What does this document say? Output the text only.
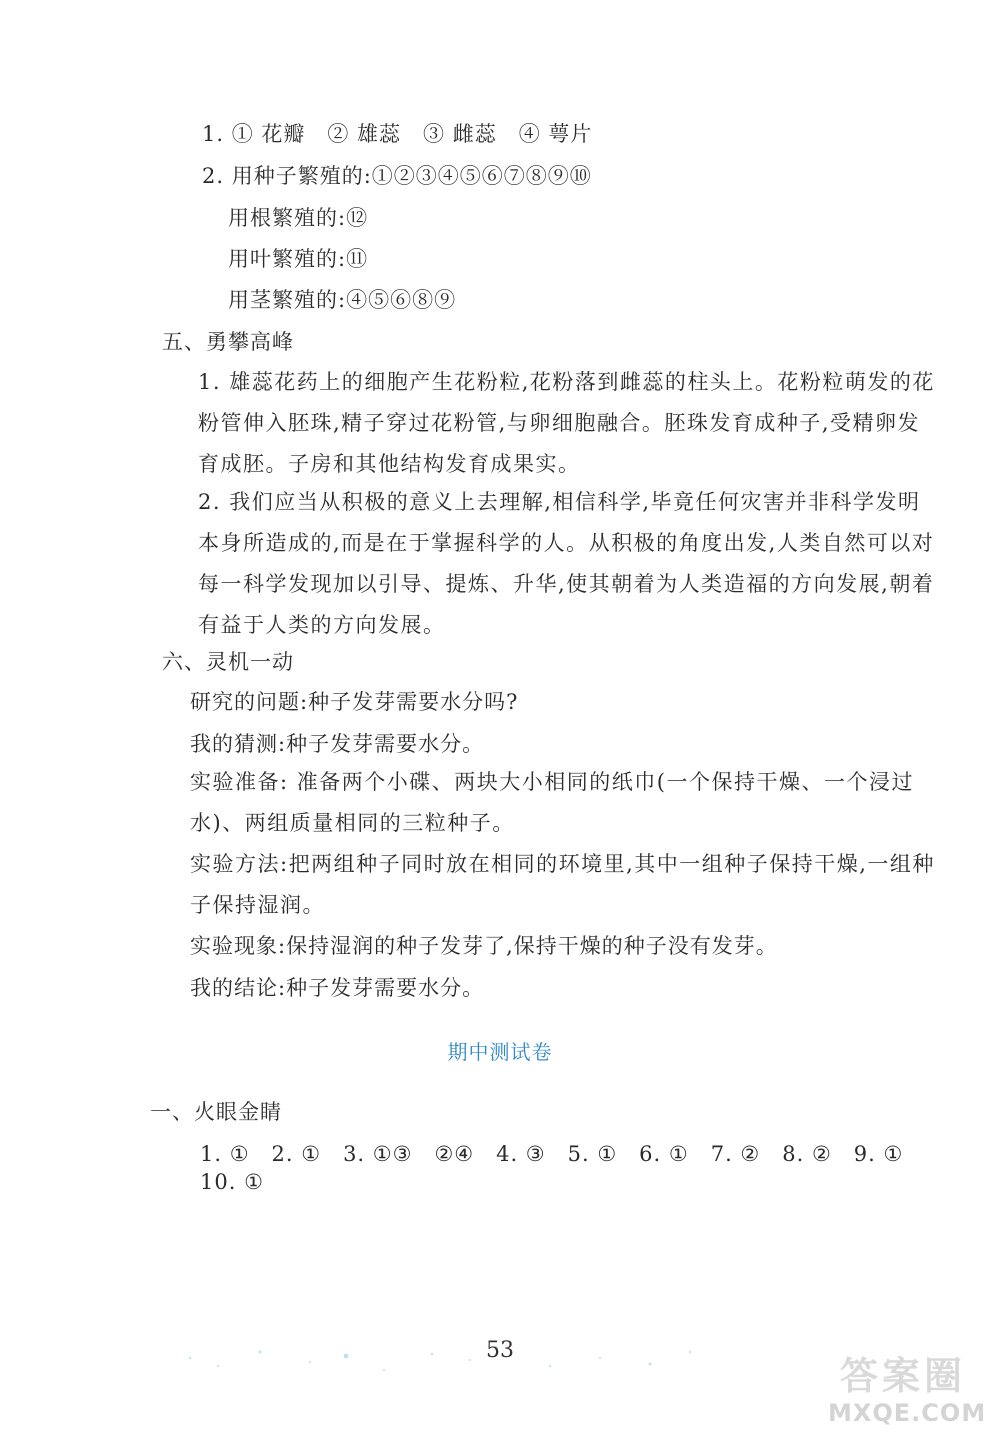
1. ① 花瓣　② 雄蕊　③ 雌蕊　④ 萼片
2. 用种子繁殖的:①②③④⑤⑥⑦⑧⑨⑩
用根繁殖的:⑫
用叶繁殖的:⑪
用茎繁殖的:④⑤⑥⑧⑨
五、勇攀高峰
1. 雄蕊花药上的细胞产生花粉粒,花粉落到雌蕊的柱头上。花粉粒萌发的花粉管伸入胚珠,精子穿过花粉管,与卵细胞融合。胚珠发育成种子,受精卵发育成胚。子房和其他结构发育成果实。
2. 我们应当从积极的意义上去理解,相信科学,毕竟任何灾害并非科学发明本身所造成的,而是在于掌握科学的人。从积极的角度出发,人类自然可以对每一科学发现加以引导、提炼、升华,使其朝着为人类造福的方向发展,朝着有益于人类的方向发展。
六、灵机一动
研究的问题:种子发芽需要水分吗?
我的猜测:种子发芽需要水分。
实验准备: 准备两个小碟、两块大小相同的纸巾(一个保持干燥、一个浸过水)、两组质量相同的三粒种子。
实验方法:把两组种子同时放在相同的环境里,其中一组种子保持干燥,一组种子保持湿润。
实验现象:保持湿润的种子发芽了,保持干燥的种子没有发芽。
我的结论:种子发芽需要水分。
期中测试卷
一、火眼金睛
1. ①　2. ①　3. ①③　②④　4. ③　5. ①　6. ①　7. ②　8. ②　9. ①
10. ①
53
答案圈
MXQE.COM
